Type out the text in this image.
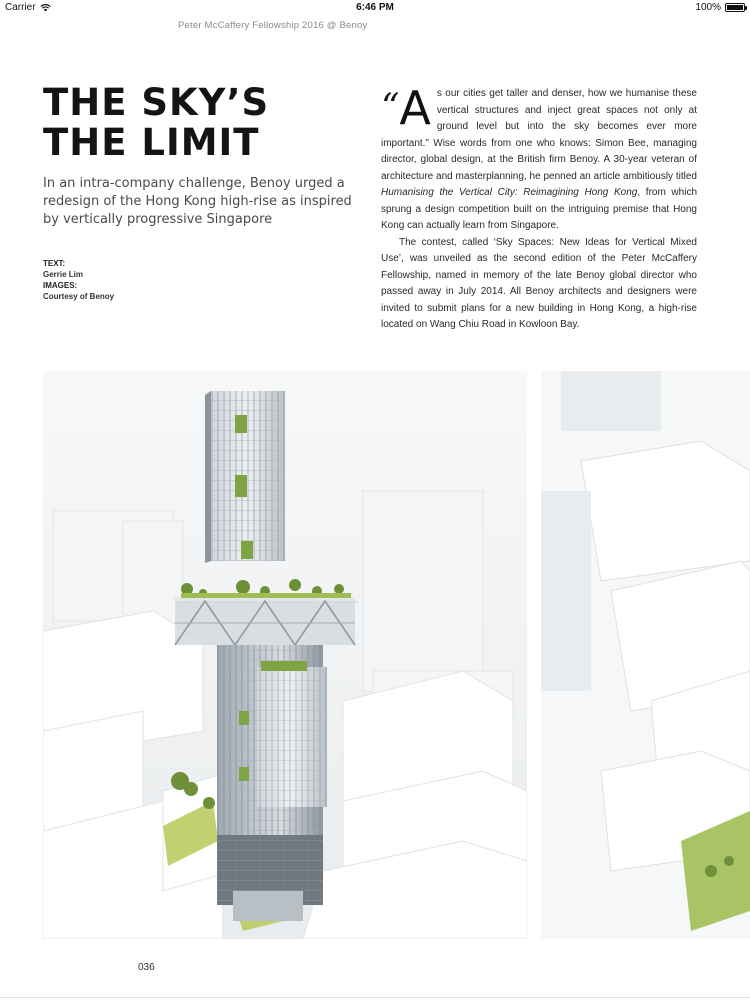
Carrier	6:46 PM	100%
Peter McCaffery Fellowship 2016 @ Benoy
THE SKY’S
THE LIMIT

In an intra-company challenge, Benoy urged a redesign of the Hong Kong high-rise as inspired by vertically progressive Singapore

TEXT:
Gerrie Lim
IMAGES:
Courtesy of Benoy

“A s our cities get taller and denser, how we humanise these vertical structures and inject great spaces not only at ground level but into the sky becomes ever more important.” Wise words from one who knows: Simon Bee, managing director, global design, at the British firm Benoy. A 30-year veteran of architecture and masterplanning, he penned an article ambitiously titled Humanising the Vertical City: Reimagining Hong Kong, from which sprung a design competition built on the intriguing premise that Hong Kong can actually learn from Singapore.

The contest, called ‘Sky Spaces: New Ideas for Vertical Mixed Use’, was unveiled as the second edition of the Peter McCaffery Fellowship, named in memory of the late Benoy global director who passed away in July 2014. All Benoy architects and designers were invited to submit plans for a new building in Hong Kong, a high-rise located on Wang Chiu Road in Kowloon Bay.

036
